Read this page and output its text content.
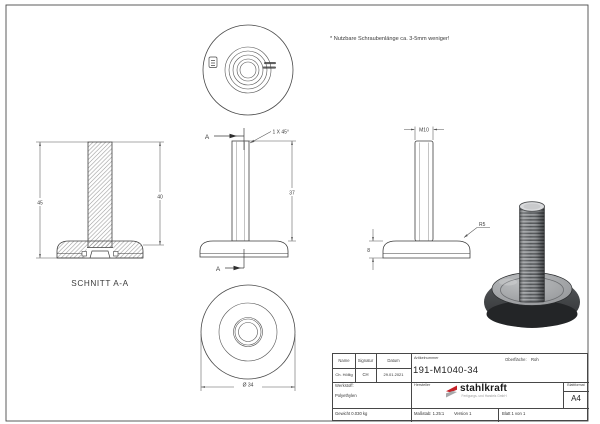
* Nutzbare Schraubenlänge ca. 3-5mm weniger!
45
40
SCHNITT A-A
A
A
1 X 45°
37
M10
R5
8
Ø 34
Name	Signatur	Datum
Ch. Höllig	CH	29.01.2021
Werkstoff:
Polyethylen
Gewicht 0.030 kg
Artikelnummer
191-M1040-34
Oberfläche: Roh
Hersteller	stahlkraft
Fertigungs- und Handels GmbH
Maßstab: 1.25:1 Version 1	Blatt 1 von 1
Blattformat
A4
